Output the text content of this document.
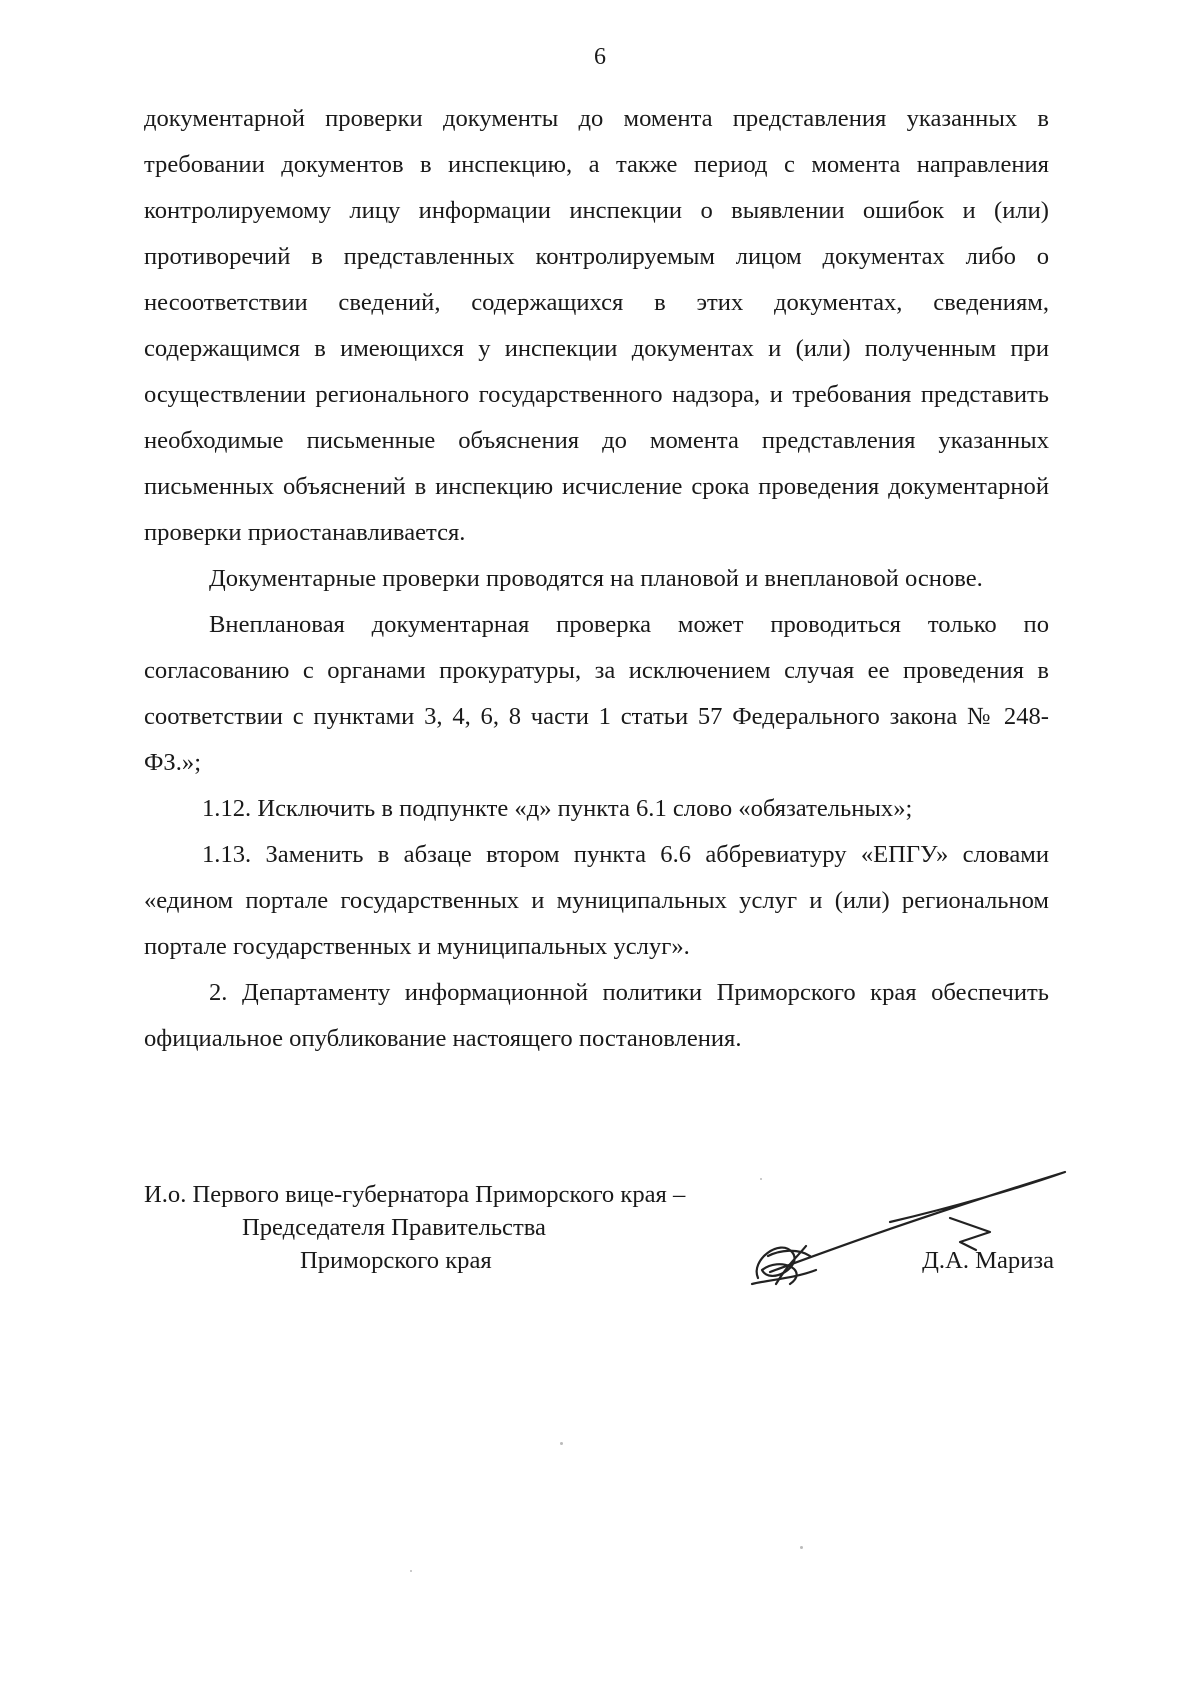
6

документарной проверки документы до момента представления указанных в требовании документов в инспекцию, а также период с момента направления контролируемому лицу информации инспекции о выявлении ошибок и (или) противоречий в представленных контролируемым лицом документах либо о несоответствии сведений, содержащихся в этих документах, сведениям, содержащимся в имеющихся у инспекции документах и (или) полученным при осуществлении регионального государственного надзора, и требования представить необходимые письменные объяснения до момента представления указанных письменных объяснений в инспекцию исчисление срока проведения документарной проверки приостанавливается.

Документарные проверки проводятся на плановой и внеплановой основе.

Внеплановая документарная проверка может проводиться только по согласованию с органами прокуратуры, за исключением случая ее проведения в соответствии с пунктами 3, 4, 6, 8 части 1 статьи 57 Федерального закона № 248-ФЗ.»;

1.12. Исключить в подпункте «д» пункта 6.1 слово «обязательных»;

1.13. Заменить в абзаце втором пункта 6.6 аббревиатуру «ЕПГУ» словами «едином портале государственных и муниципальных услуг и (или) региональном портале государственных и муниципальных услуг».

2. Департаменту информационной политики Приморского края обеспечить официальное опубликование настоящего постановления.

И.о. Первого вице-губернатора Приморского края –
Председателя Правительства
Приморского края	Д.А. Мариза
